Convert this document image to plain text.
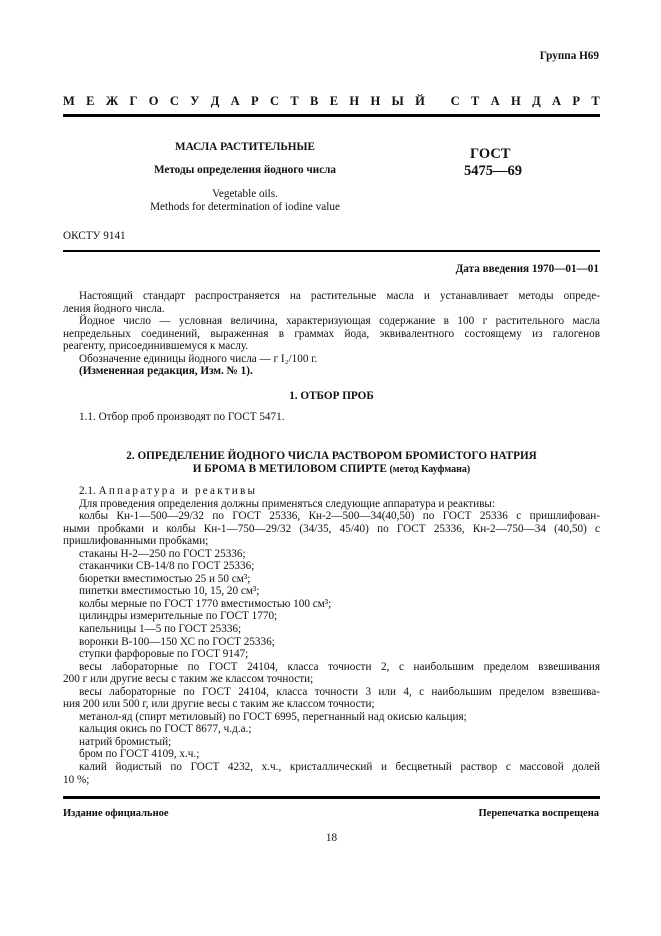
Группа Н69
М Е Ж Г О С У Д А Р С Т В Е Н Н Ы Й
С Т А Н Д А Р Т
МАСЛА РАСТИТЕЛЬНЫЕ
Методы определения йодного числа
Vegetable oils.
Methods for determination of iodine value
ГОСТ
5475—69
ОКСТУ 9141
Дата введения 1970—01—01
Настоящий стандарт распространяется на растительные масла и устанавливает методы опреде-
ления йодного числа.
Йодное число — условная величина, характеризующая содержание в 100 г растительного масла
непредельных соединений, выраженная в граммах йода, эквивалентного состоящему из галогенов
реагенту, присоединившемуся к маслу.
Обозначение единицы йодного числа — г I₂/100 г.
(Измененная редакция, Изм. № 1).
1. ОТБОР ПРОБ
1.1. Отбор проб производят по ГОСТ 5471.
2. ОПРЕДЕЛЕНИЕ ЙОДНОГО ЧИСЛА РАСТВОРОМ БРОМИСТОГО НАТРИЯ
И БРОМА В МЕТИЛОВОМ СПИРТЕ (метод Кауфмана)
2.1. Аппаратура и реактивы
Для проведения определения должны применяться следующие аппаратура и реактивы:
колбы Кн-1—500—29/32 по ГОСТ 25336, Кн-2—500—34(40,50) по ГОСТ 25336 с пришлифован-
ными пробками и колбы Кн-1—750—29/32 (34/35, 45/40) по ГОСТ 25336, Кн-2—750—34 (40,50) с
пришлифованными пробками;
стаканы Н-2—250 по ГОСТ 25336;
стаканчики СВ-14/8 по ГОСТ 25336;
бюретки вместимостью 25 и 50 см³;
пипетки вместимостью 10, 15, 20 см³;
колбы мерные по ГОСТ 1770 вместимостью 100 см³;
цилиндры измерительные по ГОСТ 1770;
капельницы 1—5 по ГОСТ 25336;
воронки В-100—150 ХС по ГОСТ 25336;
ступки фарфоровые по ГОСТ 9147;
весы лабораторные по ГОСТ 24104, класса точности 2, с наибольшим пределом взвешивания
200 г или другие весы с таким же классом точности;
весы лабораторные по ГОСТ 24104, класса точности 3 или 4, с наибольшим пределом взвешива-
ния 200 или 500 г, или другие весы с таким же классом точности;
метанол-яд (спирт метиловый) по ГОСТ 6995, перегнанный над окисью кальция;
кальция окись по ГОСТ 8677, ч.д.а.;
натрий бромистый;
бром по ГОСТ 4109, х.ч.;
калий йодистый по ГОСТ 4232, х.ч., кристаллический и бесцветный раствор с массовой долей
10 %;
Издание официальное	Перепечатка воспрещена
18
